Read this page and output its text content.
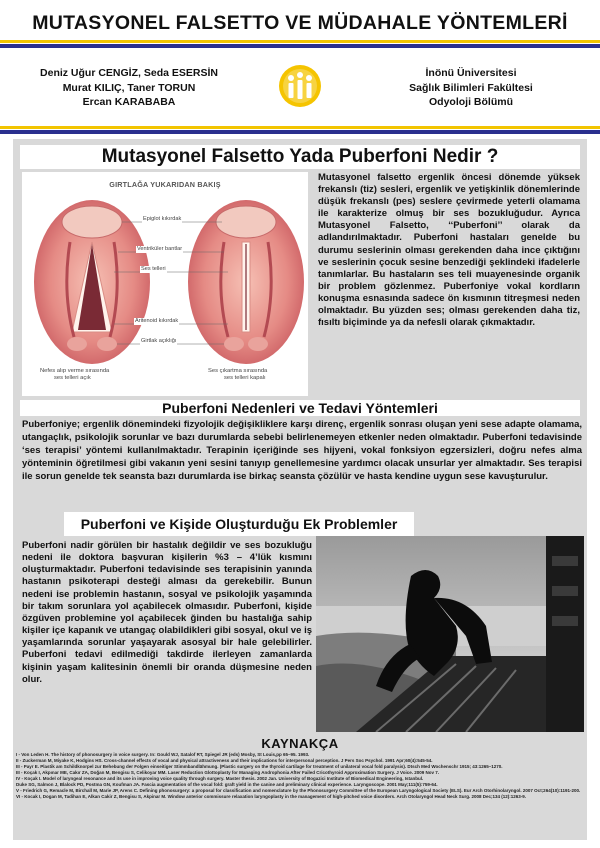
MUTASYONEL FALSETTO VE MÜDAHALE YÖNTEMLERİ
Deniz Uğur CENGİZ, Seda ESERSİN
Murat KILIÇ, Taner TORUN
Ercan KARABABA
İnönü Üniversitesi
Sağlık Bilimleri Fakültesi
Odyoloji Bölümü
Mutasyonel Falsetto Yada Puberfoni Nedir ?
GIRTLAĞA YUKARIDAN BAKIŞ
Epiglot kıkırdak
Ventriküler bantlar
Ses telleri
Aritenoid kıkırdak
Girtlak açıklığı
Nefes alıp verme sırasında
ses telleri açık
Ses çıkartma sırasında
ses telleri kapalı
Mutasyonel falsetto ergenlik öncesi dönemde yüksek frekanslı (tiz) sesleri, ergenlik ve yetişkinlik dönemlerinde düşük frekanslı (pes) seslere çevirmede yeterli olamama ile karakterize olmuş bir ses bozukluğudur. Ayrıca Mutasyonel Falsetto, ‘‘Puberfoni’’ olarak da adlandırılmaktadır. Puberfoni hastaları genelde bu durumu seslerinin olması gerekenden daha ince çıktığını ve seslerinin çocuk sesine benzediği şeklindeki ifadelerle tanımlarlar. Bu hastaların ses teli muayenesinde organik bir problem gözlenmez. Puberfoniye vokal kordların konuşma esnasında sadece ön kısmının titreşmesi neden olmaktadır. Bu yüzden ses; olması gerekenden daha tiz, fısıltı biçiminde ya da nefesli olarak çıkmaktadır.
Puberfoni Nedenleri ve Tedavi Yöntemleri
Puberfoniye; ergenlik dönemindeki fizyolojik değişikliklere karşı direnç, ergenlik sonrası oluşan yeni sese adapte olamama, utangaçlık, psikolojik sorunlar ve bazı durumlarda sebebi belirlenemeyen etkenler neden olmaktadır. Puberfoni tedavisinde ‘ses terapisi’ yöntemi kullanılmaktadır. Terapinin içeriğinde ses hijyeni, vokal fonksiyon egzersizleri, doğru nefes alma yönteminin öğretilmesi gibi vakanın yeni sesini tanıyıp genellemesine yardımcı olacak unsurlar yer almaktadır. Ses terapisi ile sorun genelde tek seansta bazı durumlarda ise birkaç seansta çözülür ve hasta kendine uygun sese kavuşturulur.
Puberfoni ve Kişide Oluşturduğu Ek Problemler
Puberfoni nadir görülen bir hastalık değildir ve ses bozukluğu nedeni ile doktora başvuran kişilerin %3 – 4’lük kısmını oluşturmaktadır. Puberfoni tedavisinde ses terapisinin yanında hastanın psikoterapi desteği alması da gerekebilir. Bunun nedeni ise problemin hastanın, sosyal ve psikolojik yaşamında bir takım sorunlara yol açabilecek olmasıdır. Puberfoni, kişide özgüven problemine yol açabilecek ğinden bu hastalığa sahip kişiler içe kapanık ve utangaç olabildikleri gibi sosyal, okul ve iş yaşamlarında sorunlar yaşayarak asosyal bir hale gelebilirler. Puberfoni tedavi edilmediği takdirde ilerleyen zamanlarda kişinin yaşam kalitesinin önemli bir oranda düşmesine neden olur.
KAYNAKÇA
I - Von Leden H. The history of phonosurgery in voice surgery. In: Gould WJ, Satalof RT, Spiegel JR (eds) Mosby, St Louis,pp 65–95. 1993.
II - Zuckerman M, Miyake K, Hodgins HS. Cross-channel effects of vocal and physical attractiveness and their implications for interpersonal perception. J Pers Soc Psychol. 1991 Apr;60(4):545-54.
III - Payr E. Plastik am Schildknorpel zur Behebung der Folgen einseitiger Stimmbandlähmung. (Plastic surgery on the thyroid cartilage for treatment of unilateral vocal fold paralysis). Dtsch Med Wochenschr 1915; 43:1265–1270.
III - Koçak I, Akpınar ME, Cakır ZA, Doğan M, Bengisu S, Celikoyar MM. Laser Reduction Glottoplasty for Managing Androphonia After Failed Cricothyroid Approximation Surgery. J Voice. 2009 Nov 7.
IV - Koçak I. Model of laryngeal resonance and its use in improving voice quality through surgery. Master thesis. 2002 Jan. University of Bogazici Institute of Biomedical Engineering, Istanbul.
Duke SG, Salmon J, Blalock PD, Postma GN, Koufman JA. Fascia augmentation of the vocal fold: graft yield in the canine and preliminary clinical experience. Laryngoscope. 2001 May;111(5):759-64.
V - Friedrich G, Remacle M, Birchall M, Marie JP, Arens C. Defining phonosurgery: a proposal for classification and nomenclature by the Phonosurgery Committee of the European Laryngological Society (ELS). Eur Arch Otorhinolaryngol. 2007 Oct;264(10):1191-200.
VI - Kocak I, Dogan M, Tadihan E, Alkan Cakir Z, Bengisu S, Akpinar M. Window anterior commissure relaxation laryngoplasty in the management of high-pitched voice disorders. Arch Otolaryngol Head Neck Surg. 2008 Dec;134 (12):1263-9.
